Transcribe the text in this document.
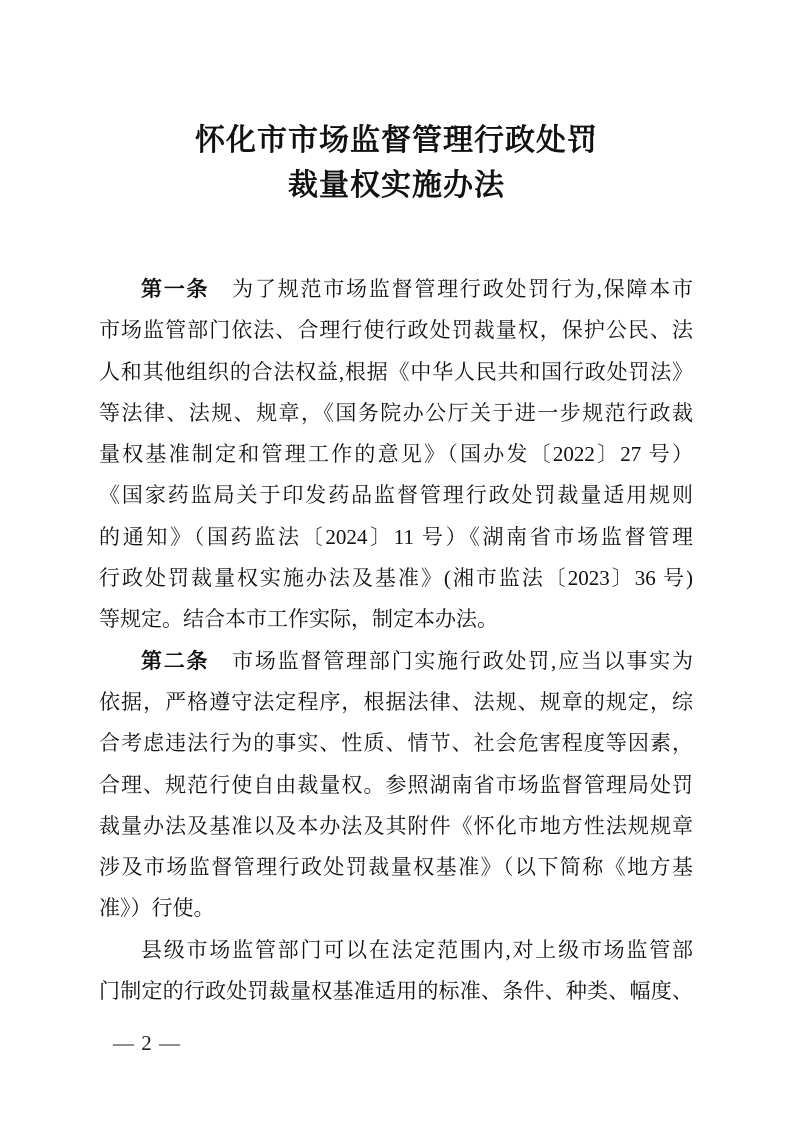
怀化市市场监督管理行政处罚
裁量权实施办法
第一条　为了规范市场监督管理行政处罚行为,保障本市
市场监管部门依法、合理行使行政处罚裁量权，保护公民、法
人和其他组织的合法权益,根据《中华人民共和国行政处罚法》
等法律、法规、规章，《国务院办公厅关于进一步规范行政裁
量权基准制定和管理工作的意见》（国办发〔2022〕27 号）
《国家药监局关于印发药品监督管理行政处罚裁量适用规则
的通知》（国药监法〔2024〕11 号）《湖南省市场监督管理
行政处罚裁量权实施办法及基准》(湘市监法〔2023〕36 号)
等规定。结合本市工作实际，制定本办法。
第二条　市场监督管理部门实施行政处罚,应当以事实为
依据，严格遵守法定程序，根据法律、法规、规章的规定，综
合考虑违法行为的事实、性质、情节、社会危害程度等因素，
合理、规范行使自由裁量权。参照湖南省市场监督管理局处罚
裁量办法及基准以及本办法及其附件《怀化市地方性法规规章
涉及市场监督管理行政处罚裁量权基准》（以下简称《地方基
准》）行使。
县级市场监管部门可以在法定范围内,对上级市场监管部
门制定的行政处罚裁量权基准适用的标准、条件、种类、幅度、
— 2 —
